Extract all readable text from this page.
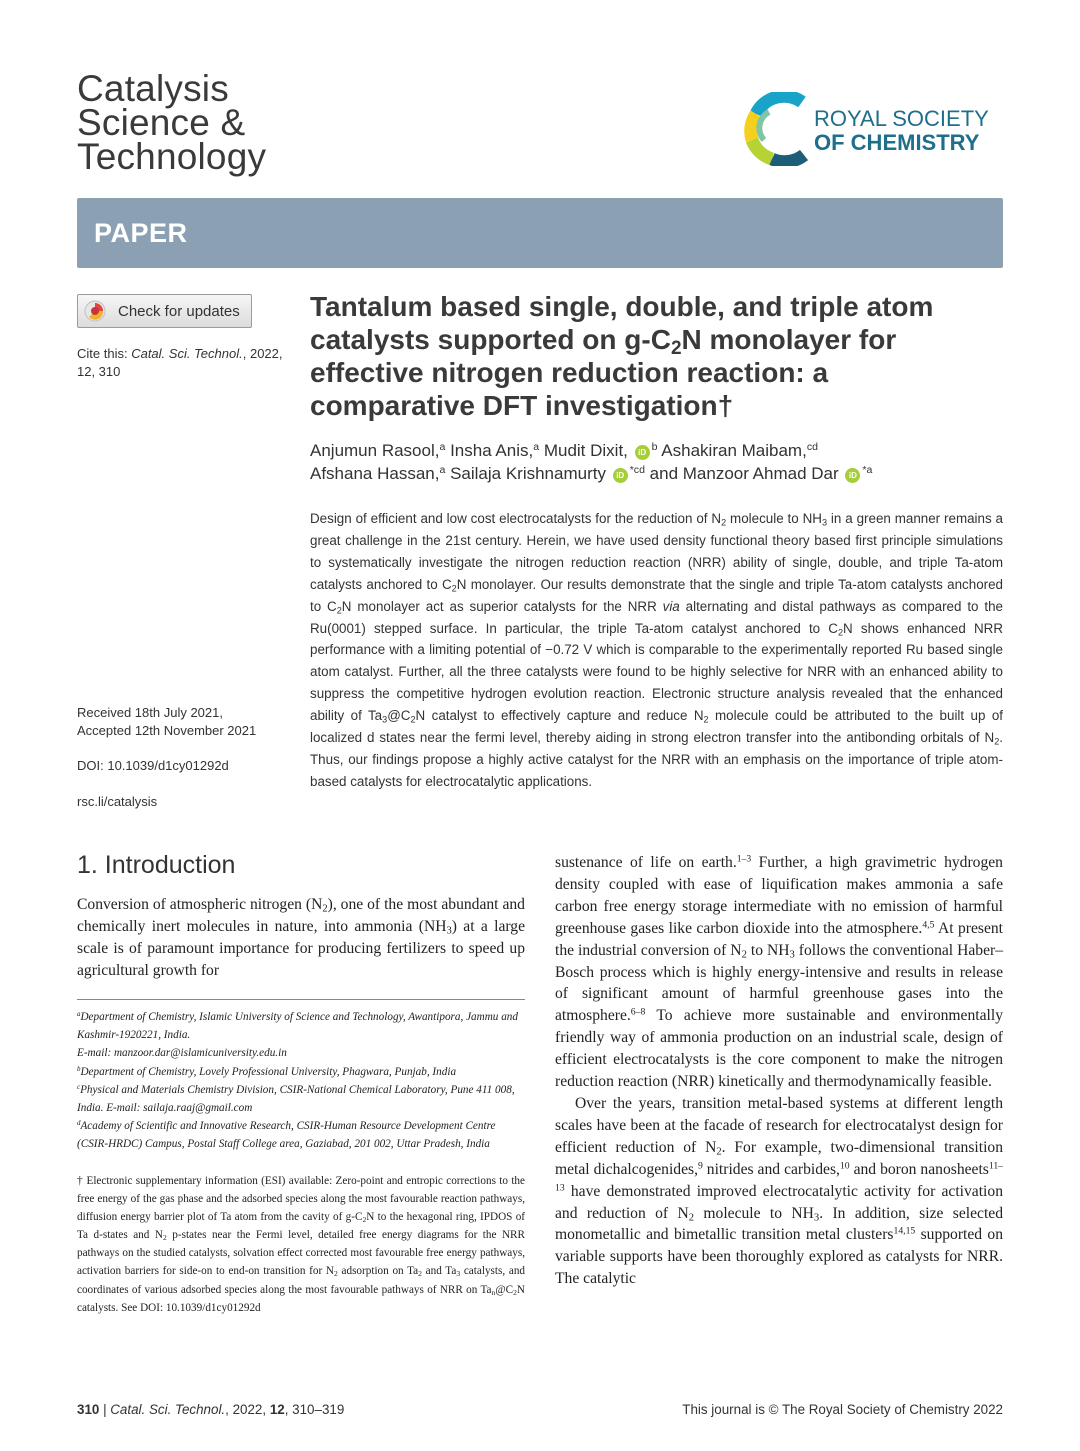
Catalysis
Science &
Technology
ROYAL SOCIETY
OF CHEMISTRY
PAPER
Check for updates
Cite this: Catal. Sci. Technol., 2022,
12, 310
Received 18th July 2021,
Accepted 12th November 2021
DOI: 10.1039/d1cy01292d
rsc.li/catalysis
Tantalum based single, double, and triple atom
catalysts supported on $g-C_2N$ monolayer for
effective nitrogen reduction reaction: a
comparative DFT investigation†
Anjumun Rasool,$^a$ Insha Anis,$^a$ Mudit Dixit, iD $^b$ Ashakiran Maibam,$^{cd}$
Afshana Hassan,$^a$ Sailaja Krishnamurty iD $^{*cd}$ and Manzoor Ahmad Dar iD $^{*a}$
Design of efficient and low cost electrocatalysts for the reduction of $N_2$ molecule to $NH_3$ in a green manner remains a great challenge in the 21st century. Herein, we have used density functional theory based first principle simulations to systematically investigate the nitrogen reduction reaction (NRR) ability of single, double, and triple Ta-atom catalysts anchored to $C_2N$ monolayer. Our results demonstrate that the single and triple Ta-atom catalysts anchored to $C_2N$ monolayer act as superior catalysts for the NRR via alternating and distal pathways as compared to the Ru(0001) stepped surface. In particular, the triple Ta-atom catalyst anchored to $C_2N$ shows enhanced NRR performance with a limiting potential of −0.72 V which is comparable to the experimentally reported Ru based single atom catalyst. Further, all the three catalysts were found to be highly selective for NRR with an enhanced ability to suppress the competitive hydrogen evolution reaction. Electronic structure analysis revealed that the enhanced ability of $Ta_3@C_2N$ catalyst to effectively capture and reduce $N_2$ molecule could be attributed to the built up of localized d states near the fermi level, thereby aiding in strong electron transfer into the antibonding orbitals of $N_2$. Thus, our findings propose a highly active catalyst for the NRR with an emphasis on the importance of triple atom-based catalysts for electrocatalytic applications.
1. Introduction
Conversion of atmospheric nitrogen $(N_2)$, one of the most abundant and chemically inert molecules in nature, into ammonia $(NH_3)$ at a large scale is of paramount importance for producing fertilizers to speed up agricultural growth for
$^a$Department of Chemistry, Islamic University of Science and Technology, Awantipora, Jammu and Kashmir-1920221, India.
E-mail: manzoor.dar@islamicuniversity.edu.in
$^b$Department of Chemistry, Lovely Professional University, Phagwara, Punjab, India
$^c$Physical and Materials Chemistry Division, CSIR-National Chemical Laboratory, Pune 411 008, India. E-mail: sailaja.raaj@gmail.com
$^d$Academy of Scientific and Innovative Research, CSIR-Human Resource Development Centre (CSIR-HRDC) Campus, Postal Staff College area, Gaziabad, 201 002, Uttar Pradesh, India
† Electronic supplementary information (ESI) available: Zero-point and entropic corrections to the free energy of the gas phase and the adsorbed species along the most favourable reaction pathways, diffusion energy barrier plot of Ta atom from the cavity of $g-C_2N$ to the hexagonal ring, IPDOS of Ta d-states and $N_2$ p-states near the Fermi level, detailed free energy diagrams for the NRR pathways on the studied catalysts, solvation effect corrected most favourable free energy pathways, activation barriers for side-on to end-on transition for $N_2$ adsorption on $Ta_2$ and $Ta_3$ catalysts, and coordinates of various adsorbed species along the most favourable pathways of NRR on $Ta_n@C_2N$ catalysts. See DOI: 10.1039/d1cy01292d

sustenance of life on earth.$^{1-3}$ Further, a high gravimetric hydrogen density coupled with ease of liquification makes ammonia a safe carbon free energy storage intermediate with no emission of harmful greenhouse gases like carbon dioxide into the atmosphere.$^{4,5}$ At present the industrial conversion of $N_2$ to $NH_3$ follows the conventional Haber–Bosch process which is highly energy-intensive and results in release of significant amount of harmful greenhouse gases into the atmosphere.$^{6-8}$ To achieve more sustainable and environmentally friendly way of ammonia production on an industrial scale, design of efficient electrocatalysts is the core component to make the nitrogen reduction reaction (NRR) kinetically and thermodynamically feasible.

Over the years, transition metal-based systems at different length scales have been at the facade of research for electrocatalyst design for efficient reduction of $N_2$. For example, two-dimensional transition metal dichalcogenides,$^9$ nitrides and carbides,$^{10}$ and boron nanosheets$^{11-13}$ have demonstrated improved electrocatalytic activity for activation and reduction of $N_2$ molecule to $NH_3$. In addition, size selected monometallic and bimetallic transition metal clusters$^{14,15}$ supported on variable supports have been thoroughly explored as catalysts for NRR. The catalytic

310 | Catal. Sci. Technol., 2022, 12, 310–319	This journal is © The Royal Society of Chemistry 2022
